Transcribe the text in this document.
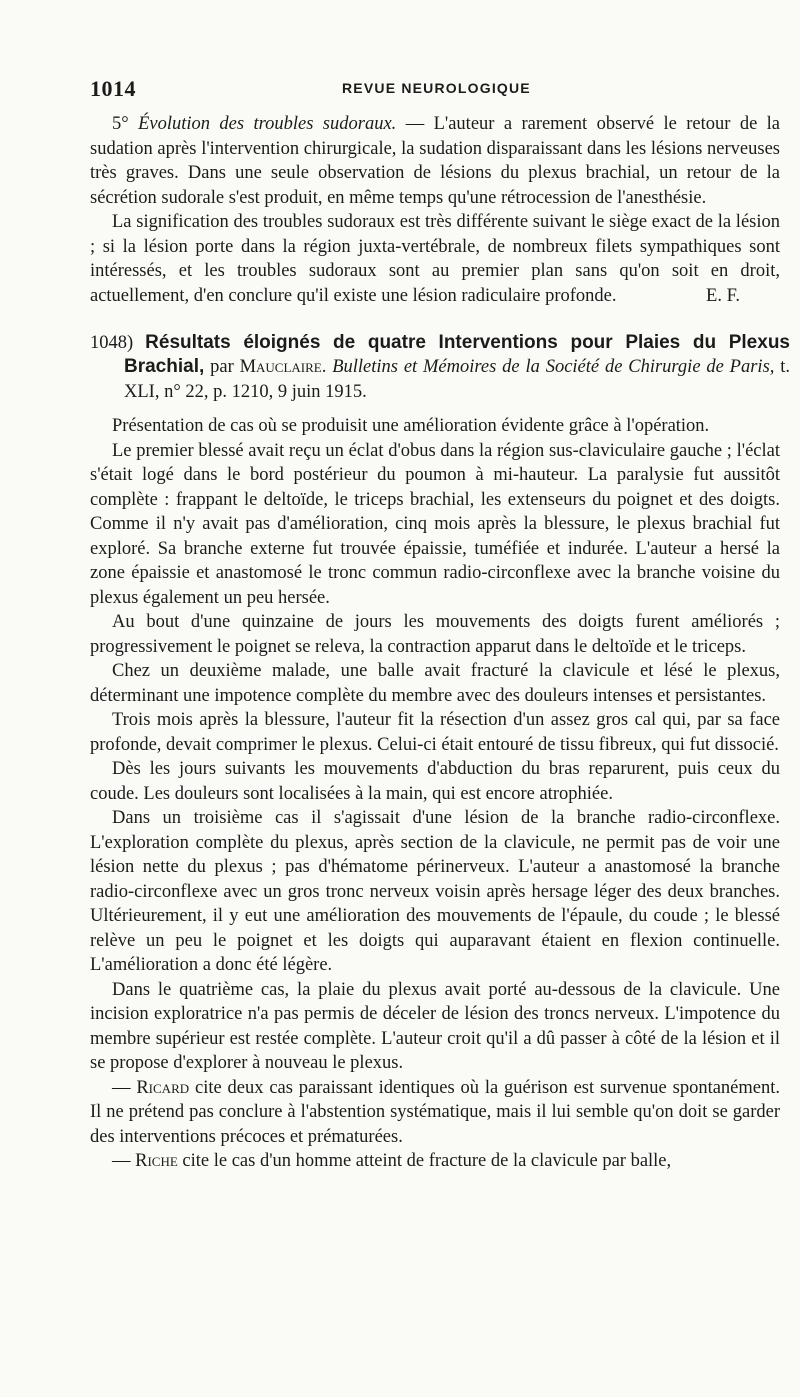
1014	REVUE NEUROLOGIQUE

5° Évolution des troubles sudoraux. — L'auteur a rarement observé le retour de la sudation après l'intervention chirurgicale, la sudation disparaissant dans les lésions nerveuses très graves. Dans une seule observation de lésions du plexus brachial, un retour de la sécrétion sudorale s'est produit, en même temps qu'une rétrocession de l'anesthésie.

La signification des troubles sudoraux est très différente suivant le siège exact de la lésion ; si la lésion porte dans la région juxta-vertébrale, de nombreux filets sympathiques sont intéressés, et les troubles sudoraux sont au premier plan sans qu'on soit en droit, actuellement, d'en conclure qu'il existe une lésion radiculaire profonde.	E. F.
1048) Résultats éloignés de quatre Interventions pour Plaies du Plexus Brachial, par Mauclaire. Bulletins et Mémoires de la Société de Chirurgie de Paris, t. XLI, n° 22, p. 1210, 9 juin 1915.

Présentation de cas où se produisit une amélioration évidente grâce à l'opération.

Le premier blessé avait reçu un éclat d'obus dans la région sus-claviculaire gauche ; l'éclat s'était logé dans le bord postérieur du poumon à mi-hauteur. La paralysie fut aussitôt complète : frappant le deltoïde, le triceps brachial, les extenseurs du poignet et des doigts. Comme il n'y avait pas d'amélioration, cinq mois après la blessure, le plexus brachial fut exploré. Sa branche externe fut trouvée épaissie, tuméfiée et indurée. L'auteur a hersé la zone épaissie et anastomosé le tronc commun radio-circonflexe avec la branche voisine du plexus également un peu hersée.

Au bout d'une quinzaine de jours les mouvements des doigts furent améliorés ; progressivement le poignet se releva, la contraction apparut dans le deltoïde et le triceps.

Chez un deuxième malade, une balle avait fracturé la clavicule et lésé le plexus, déterminant une impotence complète du membre avec des douleurs intenses et persistantes.

Trois mois après la blessure, l'auteur fit la résection d'un assez gros cal qui, par sa face profonde, devait comprimer le plexus. Celui-ci était entouré de tissu fibreux, qui fut dissocié.

Dès les jours suivants les mouvements d'abduction du bras reparurent, puis ceux du coude. Les douleurs sont localisées à la main, qui est encore atrophiée.

Dans un troisième cas il s'agissait d'une lésion de la branche radio-circonflexe. L'exploration complète du plexus, après section de la clavicule, ne permit pas de voir une lésion nette du plexus ; pas d'hématome périnerveux. L'auteur a anastomosé la branche radio-circonflexe avec un gros tronc nerveux voisin après hersage léger des deux branches. Ultérieurement, il y eut une amélioration des mouvements de l'épaule, du coude ; le blessé relève un peu le poignet et les doigts qui auparavant étaient en flexion continuelle. L'amélioration a donc été légère.

Dans le quatrième cas, la plaie du plexus avait porté au-dessous de la clavicule. Une incision exploratrice n'a pas permis de déceler de lésion des troncs nerveux. L'impotence du membre supérieur est restée complète. L'auteur croit qu'il a dû passer à côté de la lésion et il se propose d'explorer à nouveau le plexus.

— Ricard cite deux cas paraissant identiques où la guérison est survenue spontanément. Il ne prétend pas conclure à l'abstention systématique, mais il lui semble qu'on doit se garder des interventions précoces et prématurées.

— Riche cite le cas d'un homme atteint de fracture de la clavicule par balle,
